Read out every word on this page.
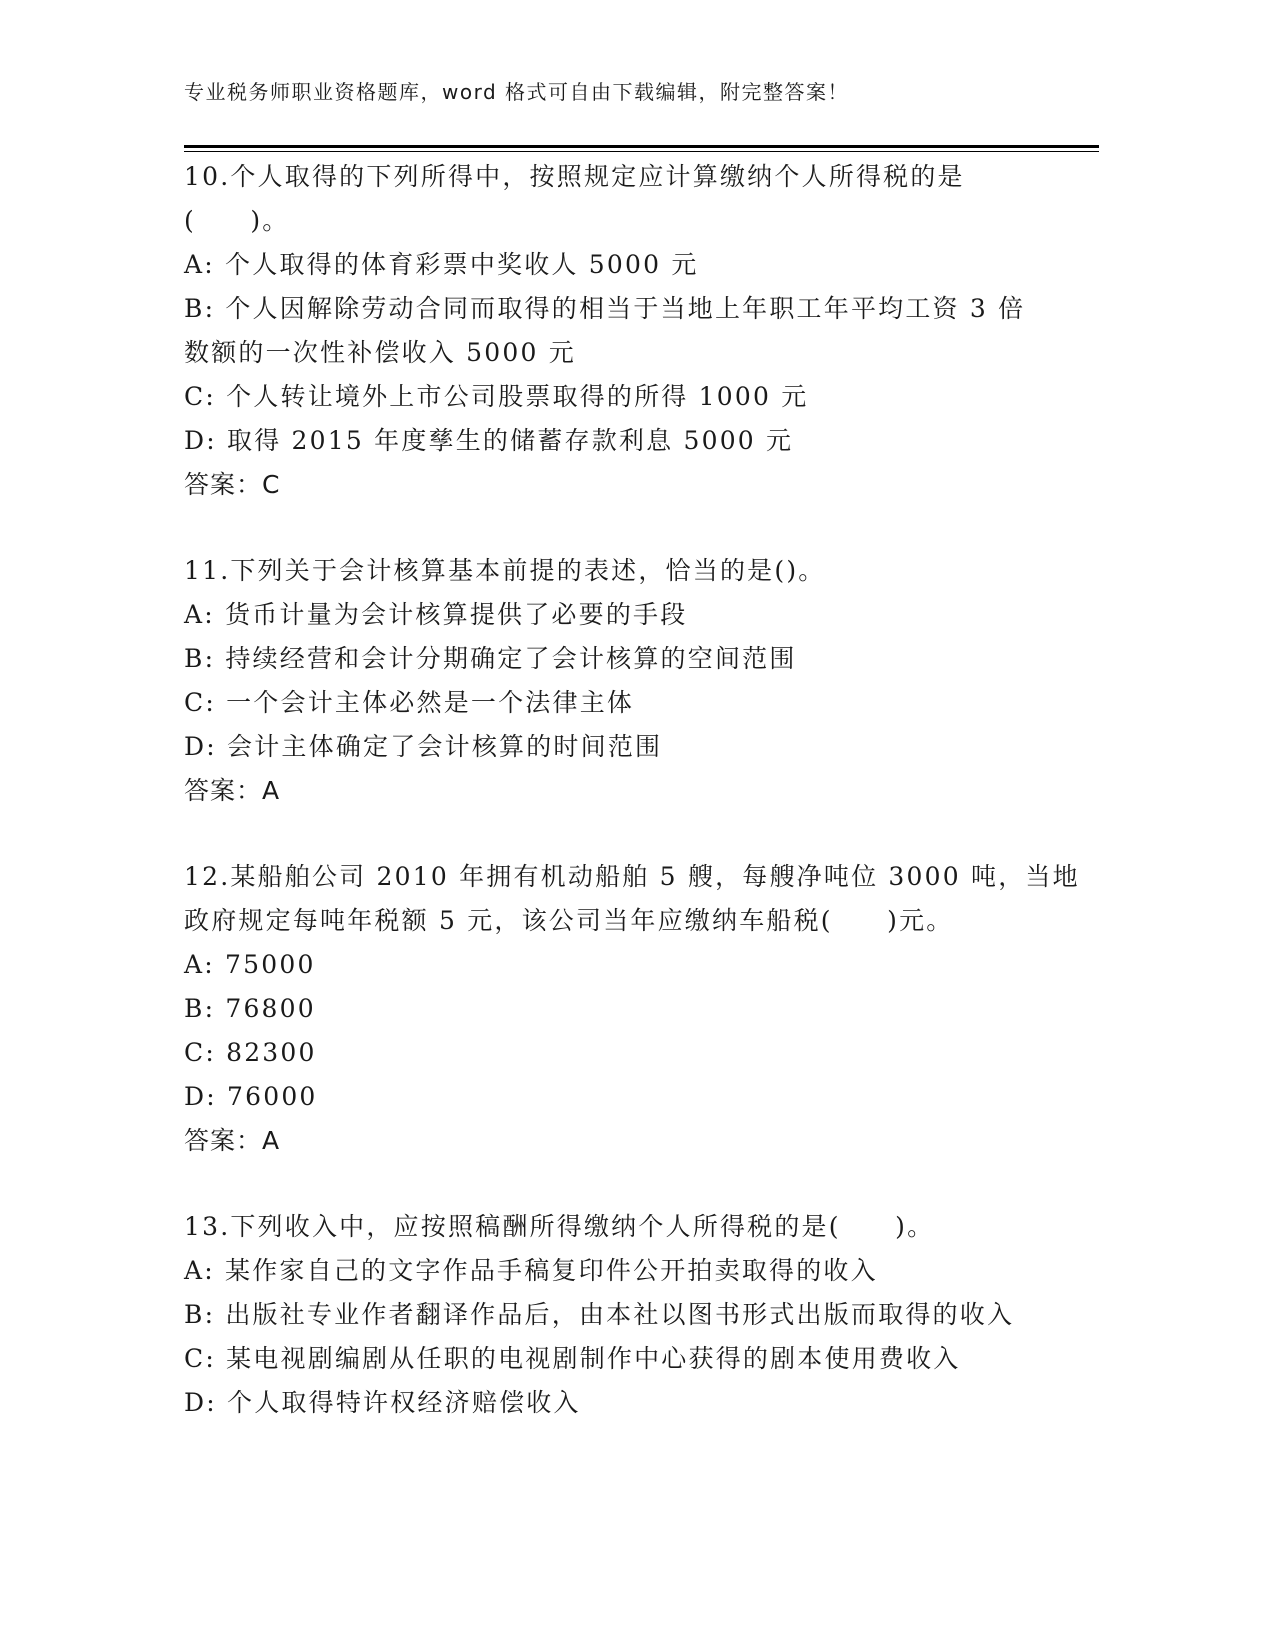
专业税务师职业资格题库，word 格式可自由下载编辑，附完整答案！

10.个人取得的下列所得中，按照规定应计算缴纳个人所得税的是

(　　)。

A: 个人取得的体育彩票中奖收人 5000 元

B: 个人因解除劳动合同而取得的相当于当地上年职工年平均工资 3 倍

数额的一次性补偿收入 5000 元

C: 个人转让境外上市公司股票取得的所得 1000 元

D: 取得 2015 年度孳生的储蓄存款利息 5000 元

答案：C

11.下列关于会计核算基本前提的表述，恰当的是()。

A: 货币计量为会计核算提供了必要的手段

B: 持续经营和会计分期确定了会计核算的空间范围

C: 一个会计主体必然是一个法律主体

D: 会计主体确定了会计核算的时间范围

答案：A

12.某船舶公司 2010 年拥有机动船舶 5 艘，每艘净吨位 3000 吨，当地

政府规定每吨年税额 5 元，该公司当年应缴纳车船税(　　)元。

A: 75000

B: 76800

C: 82300

D: 76000

答案：A

13.下列收入中，应按照稿酬所得缴纳个人所得税的是(　　)。

A: 某作家自己的文字作品手稿复印件公开拍卖取得的收入

B: 出版社专业作者翻译作品后，由本社以图书形式出版而取得的收入

C: 某电视剧编剧从任职的电视剧制作中心获得的剧本使用费收入

D: 个人取得特许权经济赔偿收入
